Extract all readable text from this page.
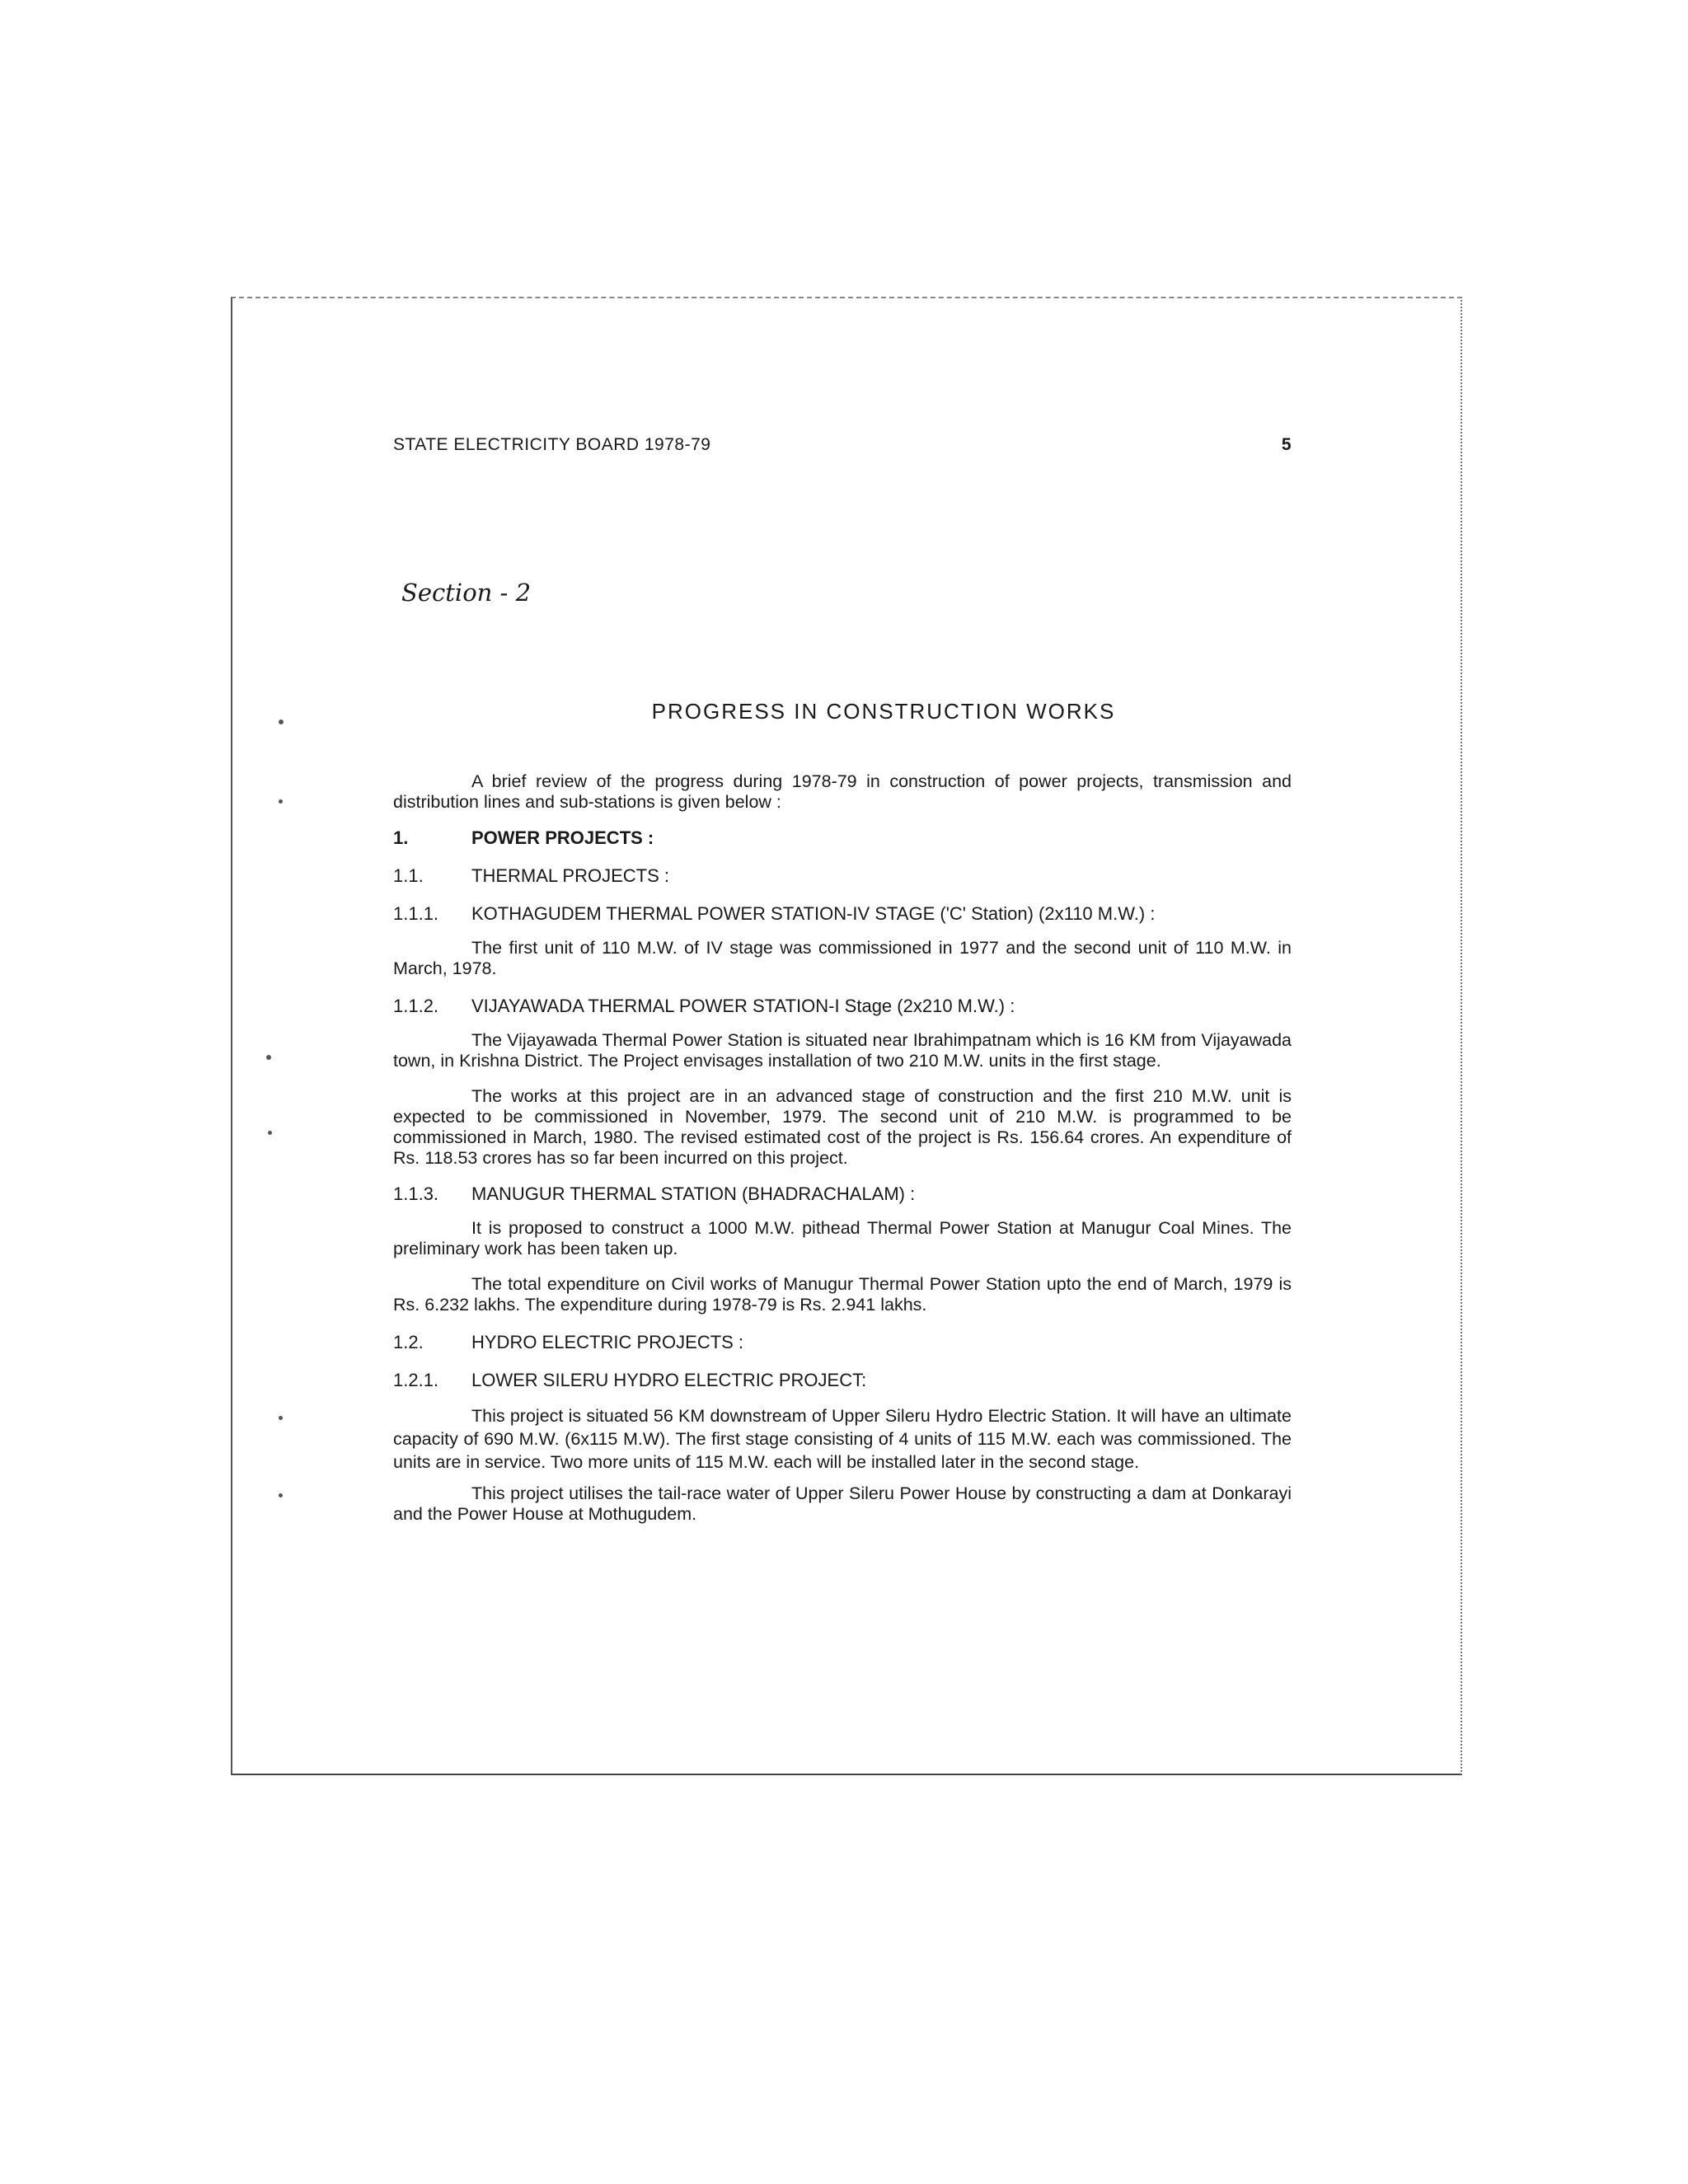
STATE ELECTRICITY BOARD 1978-79	5
Section - 2
PROGRESS IN CONSTRUCTION WORKS

A brief review of the progress during 1978-79 in construction of power projects, transmission and distribution lines and sub-stations is given below :

1.	POWER PROJECTS :
1.1.	THERMAL PROJECTS :
1.1.1.	KOTHAGUDEM THERMAL POWER STATION-IV STAGE ('C' Station) (2x110 M.W.) :

The first unit of 110 M.W. of IV stage was commissioned in 1977 and the second unit of 110 M.W. in March, 1978.

1.1.2.	VIJAYAWADA THERMAL POWER STATION-I Stage (2x210 M.W.) :

The Vijayawada Thermal Power Station is situated near Ibrahimpatnam which is 16 KM from Vijayawada town, in Krishna District. The Project envisages installation of two 210 M.W. units in the first stage.

The works at this project are in an advanced stage of construction and the first 210 M.W. unit is expected to be commissioned in November, 1979. The second unit of 210 M.W. is programmed to be commissioned in March, 1980. The revised estimated cost of the project is Rs. 156.64 crores. An expenditure of Rs. 118.53 crores has so far been incurred on this project.

1.1.3.	MANUGUR THERMAL STATION (BHADRACHALAM) :

It is proposed to construct a 1000 M.W. pithead Thermal Power Station at Manugur Coal Mines. The preliminary work has been taken up.

The total expenditure on Civil works of Manugur Thermal Power Station upto the end of March, 1979 is Rs. 6.232 lakhs. The expenditure during 1978-79 is Rs. 2.941 lakhs.

1.2.	HYDRO ELECTRIC PROJECTS :
1.2.1.	LOWER SILERU HYDRO ELECTRIC PROJECT:

This project is situated 56 KM downstream of Upper Sileru Hydro Electric Station. It will have an ultimate capacity of 690 M.W. (6x115 M.W). The first stage consisting of 4 units of 115 M.W. each was commissioned. The units are in service. Two more units of 115 M.W. each will be installed later in the second stage.

This project utilises the tail-race water of Upper Sileru Power House by constructing a dam at Donkarayi and the Power House at Mothugudem.
